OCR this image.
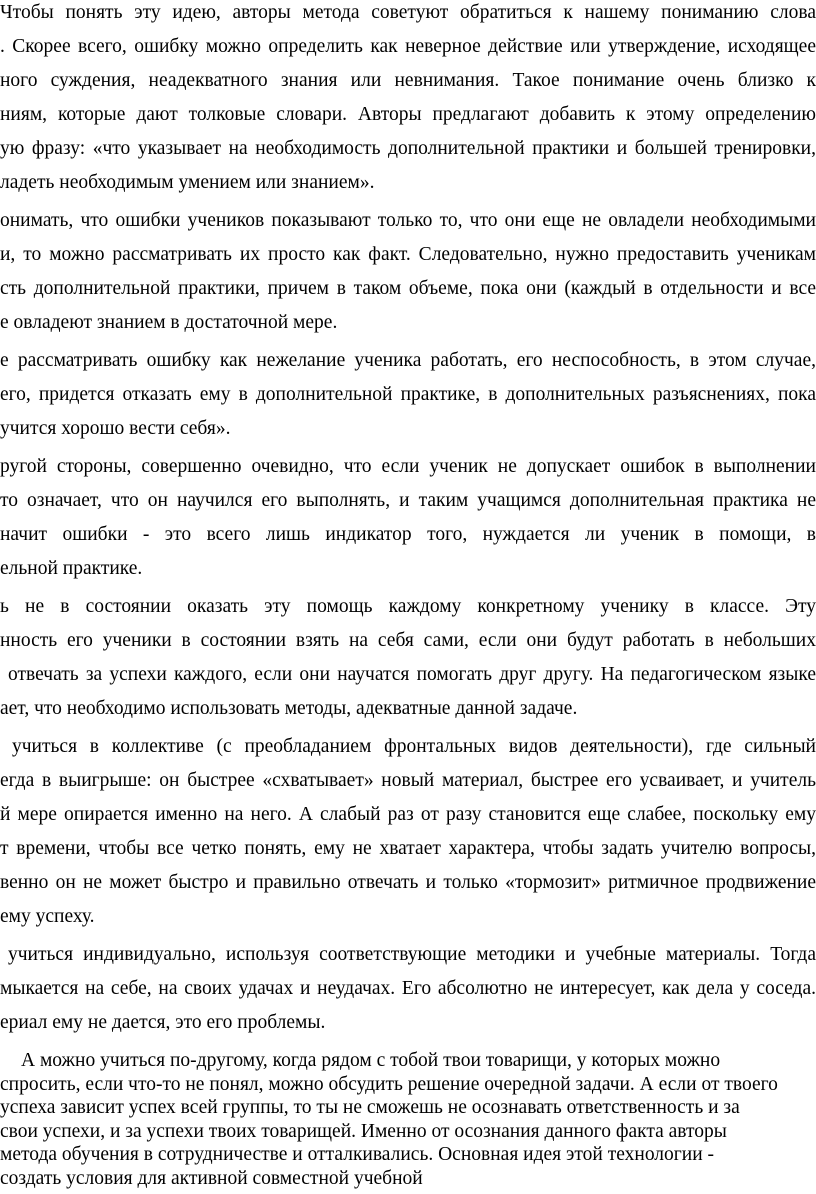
Чтобы понять эту идею, авторы метода советуют обратиться к нашему пониманию слова
. Скорее всего, ошибку можно определить как неверное действие или утверждение, исходящее
ного суждения, неадекватного знания или невнимания. Такое понимание очень близко к
ниям, которые дают толковые словари. Авторы предлагают добавить к этому определению
ую фразу: «что указывает на необходимость дополнительной практики и большей тренировки,
ладеть необходимым умением или знанием».
онимать, что ошибки учеников показывают только то, что они еще не овладели необходимыми
и, то можно рассматривать их просто как факт. Следовательно, нужно предоставить ученикам
сть дополнительной практики, причем в таком объеме, пока они (каждый в отдельности и все
е овладеют знанием в достаточной мере.
е рассматривать ошибку как нежелание ученика работать, его неспособность, в этом случае,
его, придется отказать ему в дополнительной практике, в дополнительных разъяснениях, пока
учится хорошо вести себя».
ругой стороны, совершенно очевидно, что если ученик не допускает ошибок в выполнении
то означает, что он научился его выполнять, и таким учащимся дополнительная практика не
начит ошибки - это всего лишь индикатор того, нуждается ли ученик в помощи, в
ельной практике.
ь не в состоянии оказать эту помощь каждому конкретному ученику в классе. Эту
нность его ученики в состоянии взять на себя сами, если они будут работать в небольших
отвечать за успехи каждого, если они научатся помогать друг другу. На педагогическом языке
ает, что необходимо использовать методы, адекватные данной задаче.
учиться в коллективе (с преобладанием фронтальных видов деятельности), где сильный
егда в выигрыше: он быстрее «схватывает» новый материал, быстрее его усваивает, и учитель
й мере опирается именно на него. А слабый раз от разу становится еще слабее, поскольку ему
т времени, чтобы все четко понять, ему не хватает характера, чтобы задать учителю вопросы,
венно он не может быстро и правильно отвечать и только «тормозит» ритмичное продвижение
ему успеху.
учиться индивидуально, используя соответствующие методики и учебные материалы. Тогда
мыкается на себе, на своих удачах и неудачах. Его абсолютно не интересует, как дела у соседа.
ериал ему не дается, это его проблемы.
А можно учиться по-другому, когда рядом с тобой твои товарищи, у которых можно
спросить, если что-то не понял, можно обсудить решение очередной задачи. А если от твоего
успеха зависит успех всей группы, то ты не сможешь не осознавать ответственность и за
свои успехи, и за успехи твоих товарищей. Именно от осознания данного факта авторы
метода обучения в сотрудничестве и отталкивались. Основная идея этой технологии -
создать условия для активной совместной учебной
